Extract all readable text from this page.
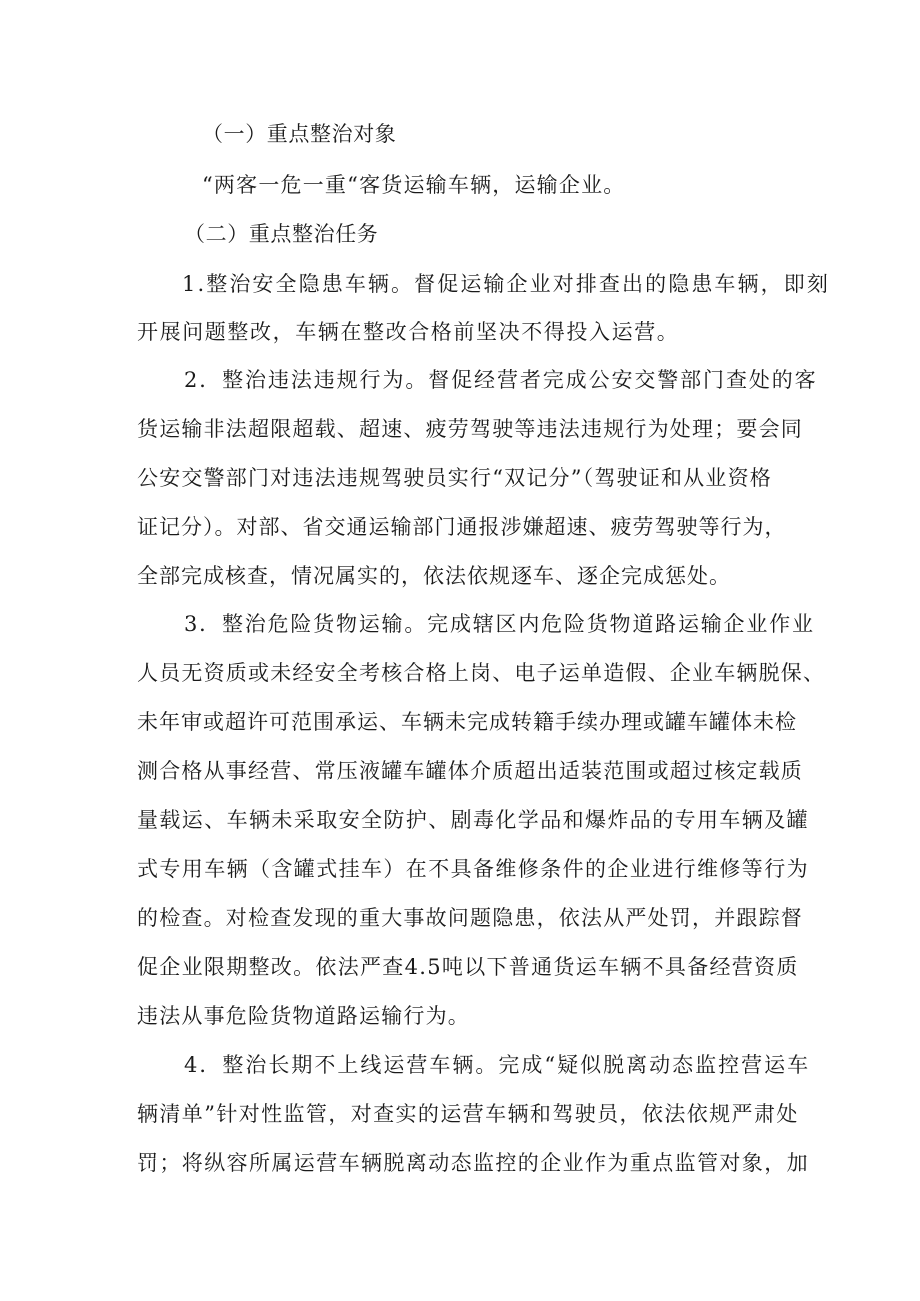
（一）重点整治对象
“两客一危一重“客货运输车辆，运输企业。
（二）重点整治任务
1.整治安全隐患车辆。督促运输企业对排查出的隐患车辆，即刻
开展问题整改，车辆在整改合格前坚决不得投入运营。
2．整治违法违规行为。督促经营者完成公安交警部门查处的客
货运输非法超限超载、超速、疲劳驾驶等违法违规行为处理；要会同
公安交警部门对违法违规驾驶员实行“双记分”（驾驶证和从业资格
证记分）。对部、省交通运输部门通报涉嫌超速、疲劳驾驶等行为，
全部完成核查，情况属实的，依法依规逐车、逐企完成惩处。
3．整治危险货物运输。完成辖区内危险货物道路运输企业作业
人员无资质或未经安全考核合格上岗、电子运单造假、企业车辆脱保、
未年审或超许可范围承运、车辆未完成转籍手续办理或罐车罐体未检
测合格从事经营、常压液罐车罐体介质超出适装范围或超过核定载质
量载运、车辆未采取安全防护、剧毒化学品和爆炸品的专用车辆及罐
式专用车辆（含罐式挂车）在不具备维修条件的企业进行维修等行为
的检查。对检查发现的重大事故问题隐患，依法从严处罚，并跟踪督
促企业限期整改。依法严查4.5吨以下普通货运车辆不具备经营资质
违法从事危险货物道路运输行为。
4．整治长期不上线运营车辆。完成“疑似脱离动态监控营运车
辆清单”针对性监管，对查实的运营车辆和驾驶员，依法依规严肃处
罚；将纵容所属运营车辆脱离动态监控的企业作为重点监管对象，加
